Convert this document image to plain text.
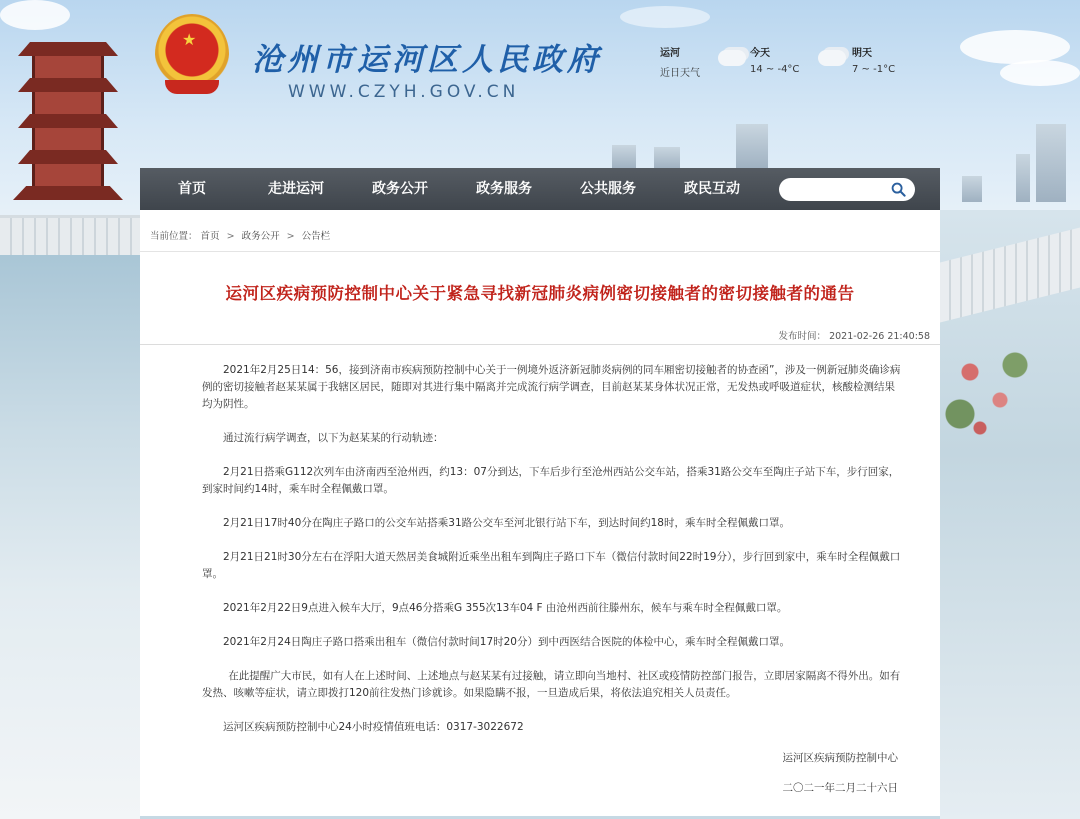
★
沧州市运河区人民政府
WWW.CZYH.GOV.CN
运河
近日天气
今天
14 ~ -4°C
明天
7 ~ -1°C
首页	走进运河	政务公开	政务服务	公共服务	政民互动
当前位置： 首页 > 政务公开 > 公告栏
运河区疾病预防控制中心关于紧急寻找新冠肺炎病例密切接触者的密切接触者的通告
发布时间： 2021-02-26 21:40:58

2021年2月25日14：56，接到济南市疾病预防控制中心关于一例境外返济新冠肺炎病例的同车厢密切接触者的协查函”，涉及一例新冠肺炎确诊病例的密切接触者赵某某属于我辖区居民，随即对其进行集中隔离并完成流行病学调查，目前赵某某身体状况正常，无发热或呼吸道症状，核酸检测结果均为阴性。

通过流行病学调查，以下为赵某某的行动轨迹：

2月21日搭乘G112次列车由济南西至沧州西，约13：07分到达，下车后步行至沧州西站公交车站，搭乘31路公交车至陶庄子站下车，步行回家，到家时间约14时，乘车时全程佩戴口罩。

2月21日17时40分在陶庄子路口的公交车站搭乘31路公交车至河北银行站下车，到达时间约18时，乘车时全程佩戴口罩。

2月21日21时30分左右在浮阳大道天然居美食城附近乘坐出租车到陶庄子路口下车（微信付款时间22时19分），步行回到家中，乘车时全程佩戴口罩。

2021年2月22日9点进入候车大厅，9点46分搭乘G 355次13车04 F 由沧州西前往滕州东，候车与乘车时全程佩戴口罩。

2021年2月24日陶庄子路口搭乘出租车（微信付款时间17时20分）到中西医结合医院的体检中心，乘车时全程佩戴口罩。

在此提醒广大市民，如有人在上述时间、上述地点与赵某某有过接触，请立即向当地村、社区或疫情防控部门报告，立即居家隔离不得外出。如有发热、咳嗽等症状，请立即拨打120前往发热门诊就诊。如果隐瞒不报，一旦造成后果，将依法追究相关人员责任。

运河区疾病预防控制中心24小时疫情值班电话：0317-3022672

运河区疾病预防控制中心
二〇二一年二月二十六日
